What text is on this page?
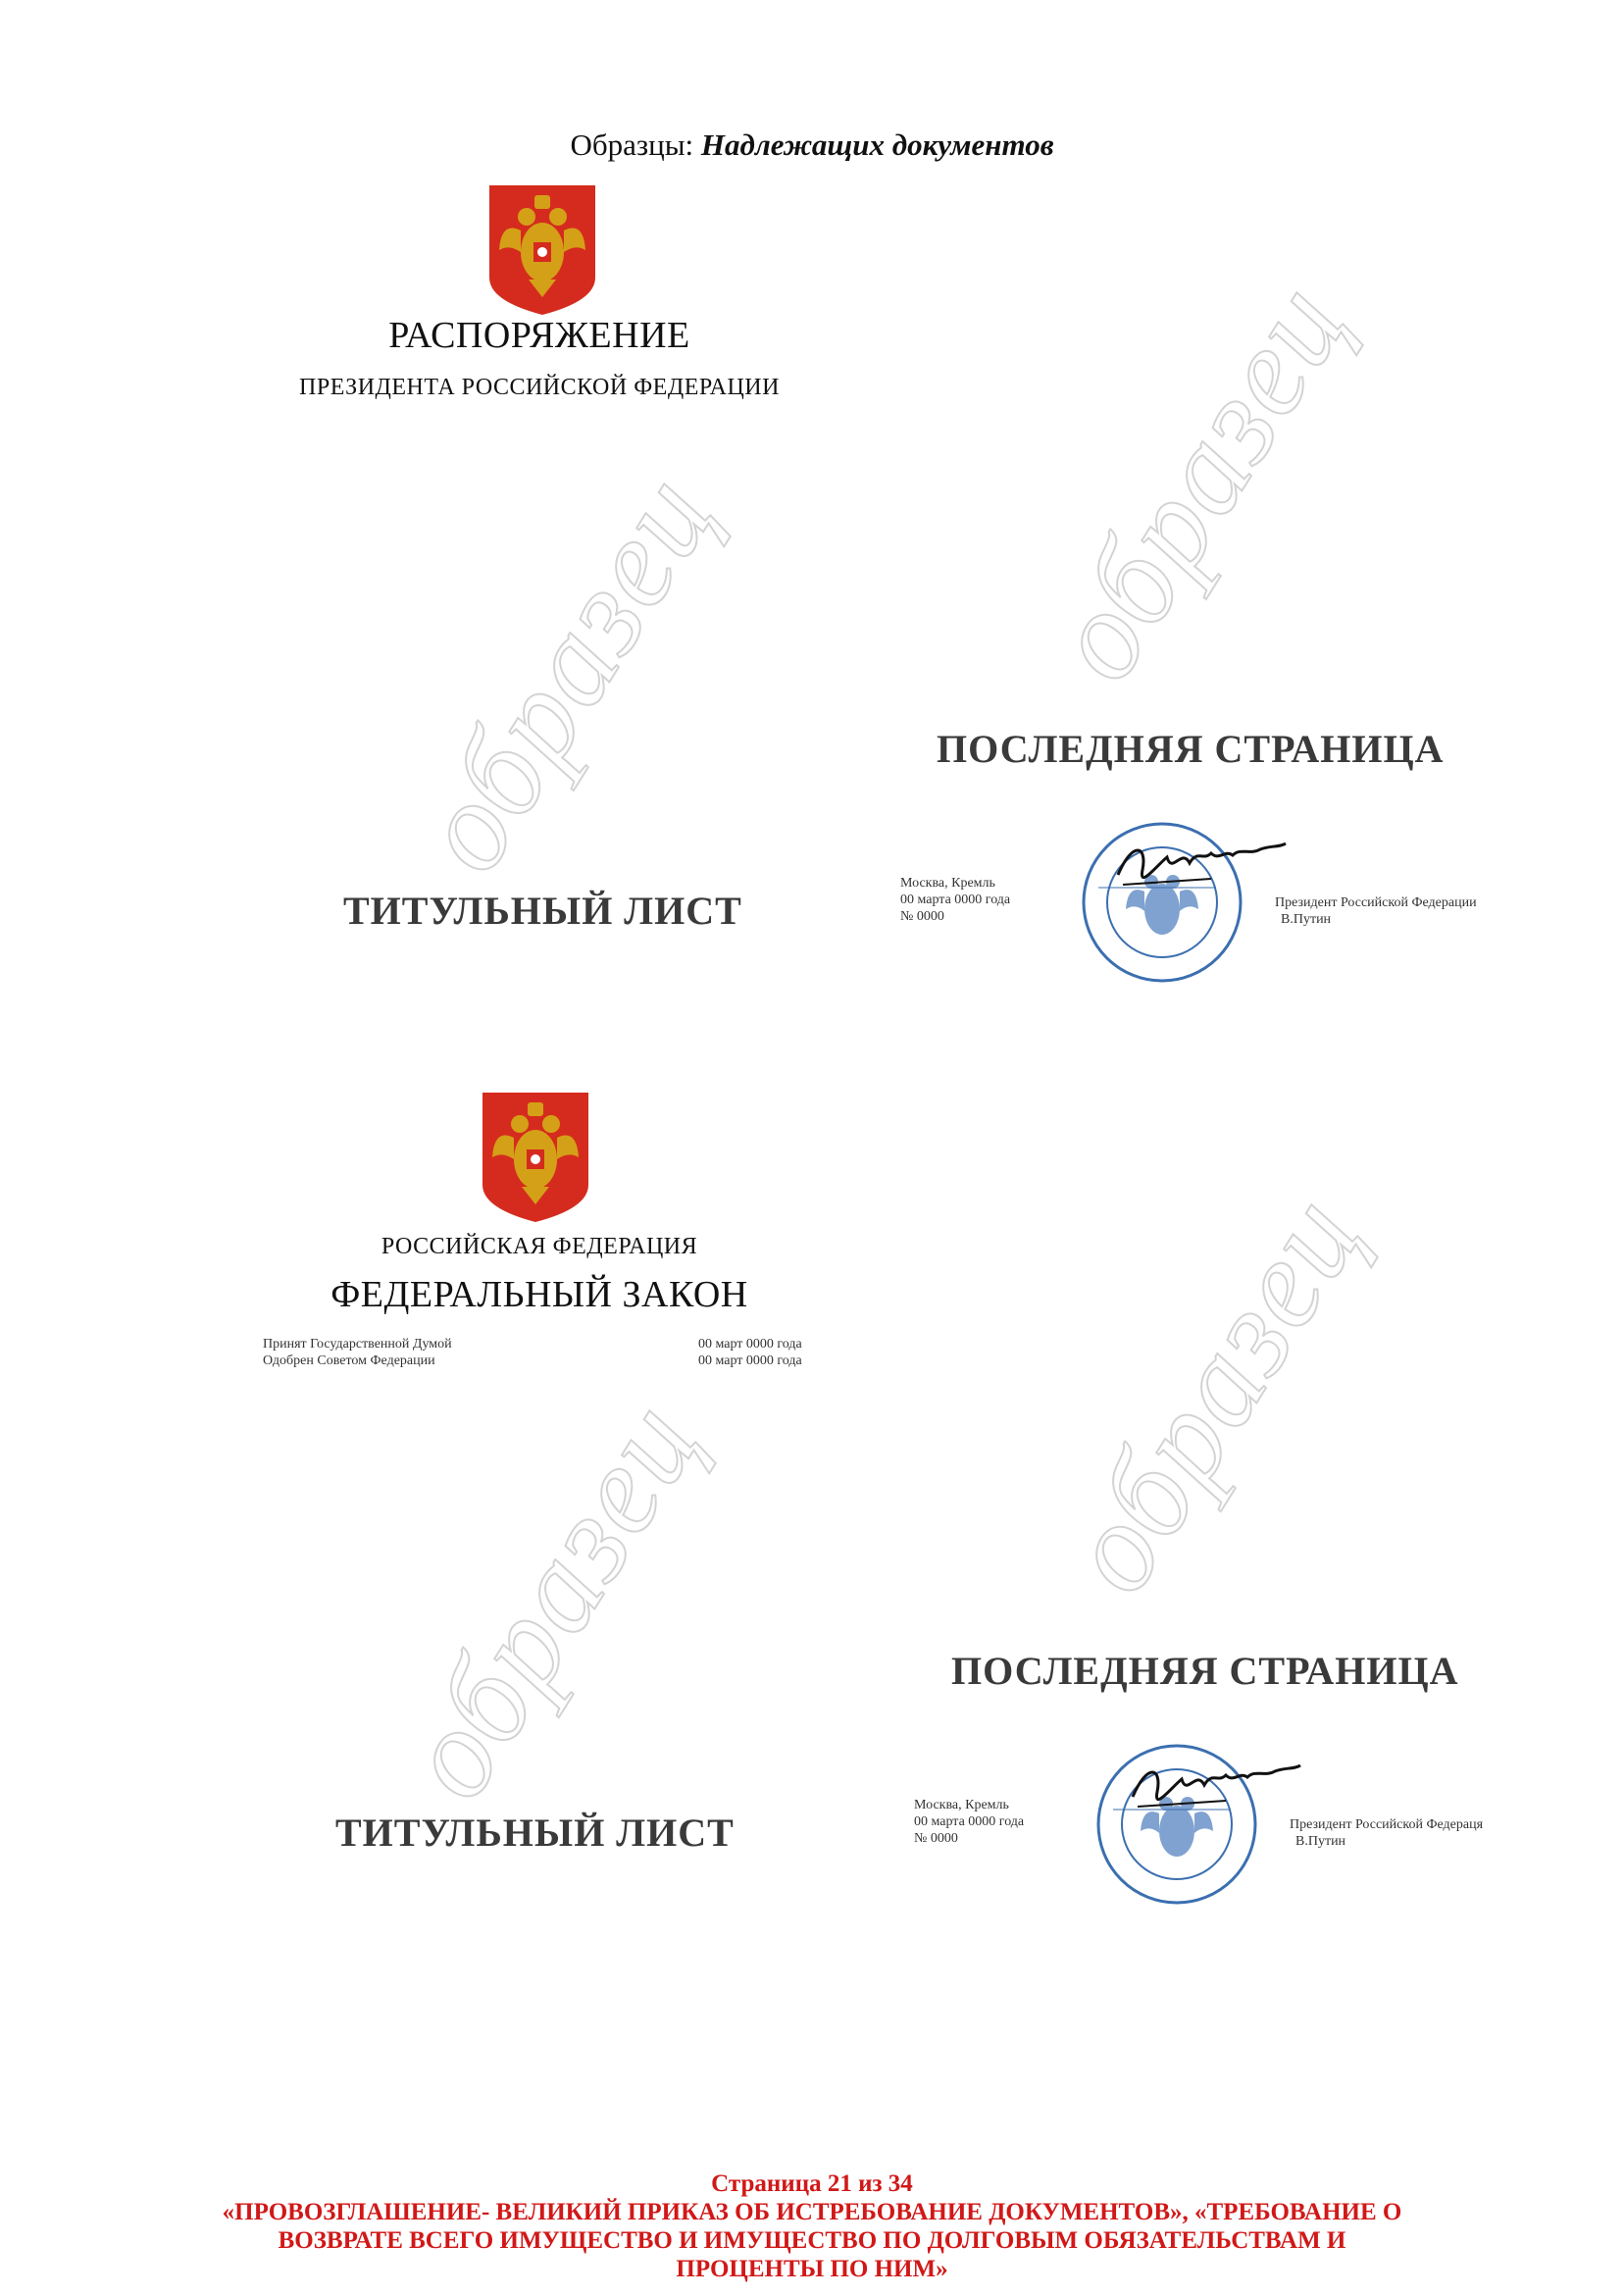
Образцы: Надлежащих документов
образец образец
образец образец
РАСПОРЯЖЕНИЕ
ПРЕЗИДЕНТА РОССИЙСКОЙ ФЕДЕРАЦИИ
ПОСЛЕДНЯЯ СТРАНИЦА
ТИТУЛЬНЫЙ ЛИСТ
Москва, Кремль
00 марта 0000 года
№ 0000
Президент Российской Федерации
В.Путин
РОССИЙСКАЯ ФЕДЕРАЦИЯ
ФЕДЕРАЛЬНЫЙ ЗАКОН
Принят Государственной Думой
Одобрен Советом Федерации
00 март 0000 года
00 март 0000 года
ПОСЛЕДНЯЯ СТРАНИЦА
ТИТУЛЬНЫЙ ЛИСТ
Москва, Кремль
00 марта 0000 года
№ 0000
Президент Российской Федераця
В.Путин
Страница 21 из 34
«ПРОВОЗГЛАШЕНИЕ- ВЕЛИКИЙ ПРИКАЗ ОБ ИСТРЕБОВАНИЕ ДОКУМЕНТОВ», «ТРЕБОВАНИЕ О
ВОЗВРАТЕ ВСЕГО ИМУЩЕСТВО И ИМУЩЕСТВО ПО ДОЛГОВЫМ ОБЯЗАТЕЛЬСТВАМ И
ПРОЦЕНТЫ ПО НИМ»
